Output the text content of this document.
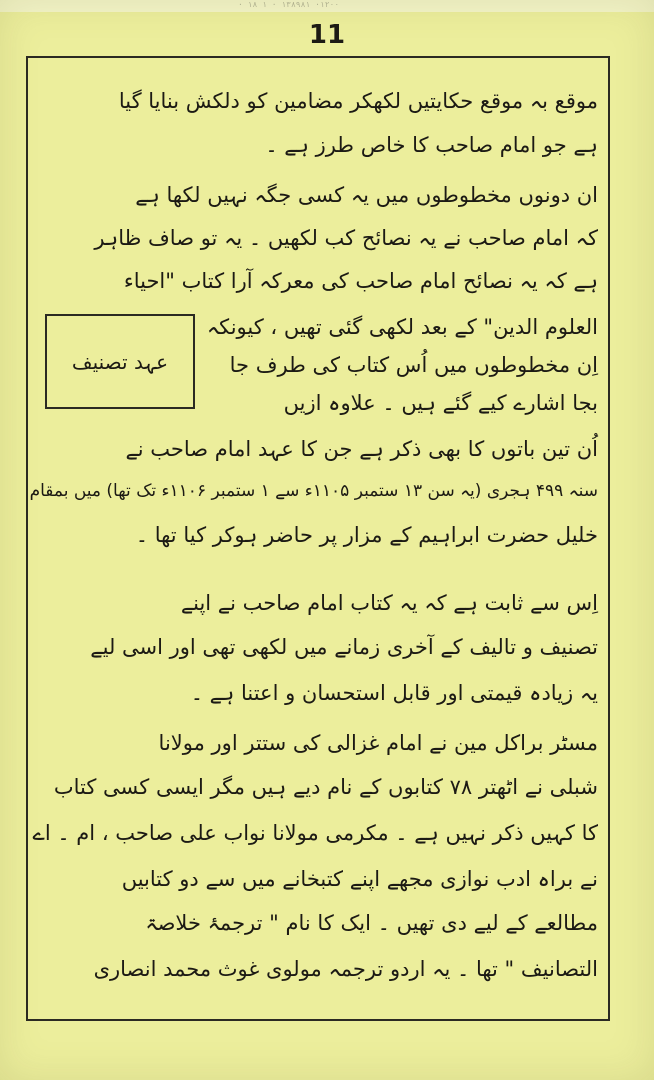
· ۱۸ ۱ · ۱۳۸۹۸۱ ·۱۲۰۰
11
موقع بہ موقع حکایتیں لکھکر مضامین کو دلکش بنایا گیا
ہے جو امام صاحب کا خاص طرز ہے ۔
ان دونوں مخطوطوں میں یہ کسی جگہ نہیں لکھا ہے
کہ امام صاحب نے یہ نصائح کب لکھیں ۔ یہ تو صاف ظاہر
ہے کہ یہ نصائح امام صاحب کی معرکہ آرا کتاب "احیاء
العلوم الدین" کے بعد لکھی گئی تھیں ، کیونکہ
اِن مخطوطوں میں اُس کتاب کی طرف جا
بجا اشارے کیے گئے ہیں ۔ علاوہ ازیں
عہد تصنیف
اُن تین باتوں کا بھی ذکر ہے جن کا عہد امام صاحب نے
سنہ ۴۹۹ ہجری (یہ سن ۱۳ ستمبر ۱۱۰۵ء سے ۱ ستمبر ۱۱۰۶ء تک تھا) میں بمقام
خلیل حضرت ابراہیم کے مزار پر حاضر ہوکر کیا تھا ۔
اِس سے ثابت ہے کہ یہ کتاب امام صاحب نے اپنے
تصنیف و تالیف کے آخری زمانے میں لکھی تھی اور اسی لیے
یہ زیادہ قیمتی اور قابل استحسان و اعتنا ہے ۔
مسٹر براکل مین نے امام غزالی کی ستتر اور مولانا
شبلی نے اٹھتر ۷۸ کتابوں کے نام دیے ہیں مگر ایسی کسی کتاب
کا کہیں ذکر نہیں ہے ۔ مکرمی مولانا نواب علی صاحب ، ام ۔ اے
نے براہ ادب نوازی مجھے اپنے کتبخانے میں سے دو کتابیں
مطالعے کے لیے دی تھیں ۔ ایک کا نام " ترجمۂ خلاصۃ
التصانیف " تھا ۔ یہ اردو ترجمہ مولوی غوث محمد انصاری
